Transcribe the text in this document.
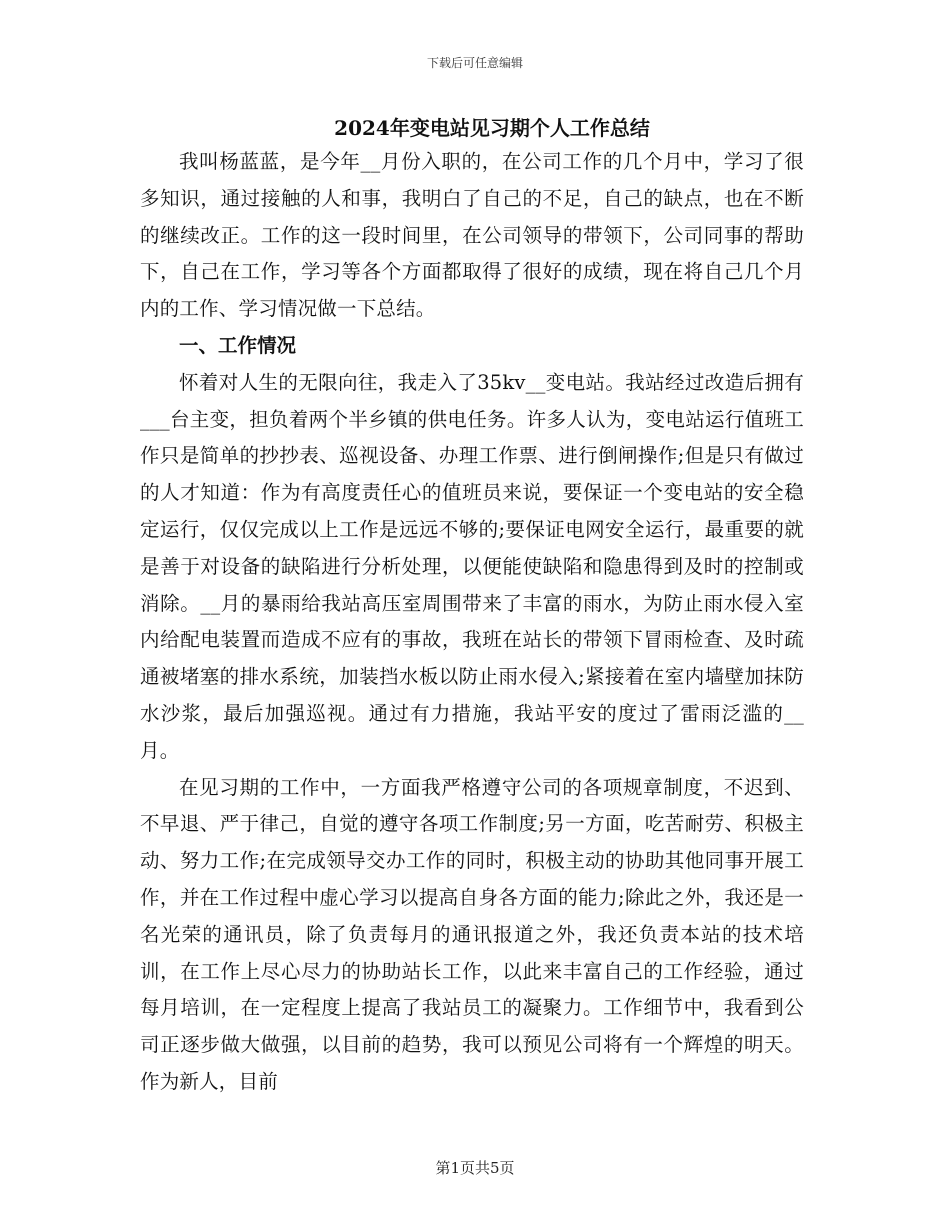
下载后可任意编辑
2024年变电站见习期个人工作总结

我叫杨蓝蓝，是今年__月份入职的，在公司工作的几个月中，学习了很多知识，通过接触的人和事，我明白了自己的不足，自己的缺点，也在不断的继续改正。工作的这一段时间里，在公司领导的带领下，公司同事的帮助下，自己在工作，学习等各个方面都取得了很好的成绩，现在将自己几个月内的工作、学习情况做一下总结。

一、工作情况

怀着对人生的无限向往，我走入了35kv__变电站。我站经过改造后拥有___台主变，担负着两个半乡镇的供电任务。许多人认为，变电站运行值班工作只是简单的抄抄表、巡视设备、办理工作票、进行倒闸操作;但是只有做过的人才知道：作为有高度责任心的值班员来说，要保证一个变电站的安全稳定运行，仅仅完成以上工作是远远不够的;要保证电网安全运行，最重要的就是善于对设备的缺陷进行分析处理，以便能使缺陷和隐患得到及时的控制或消除。__月的暴雨给我站高压室周围带来了丰富的雨水，为防止雨水侵入室内给配电装置而造成不应有的事故，我班在站长的带领下冒雨检查、及时疏通被堵塞的排水系统，加装挡水板以防止雨水侵入;紧接着在室内墙壁加抹防水沙浆，最后加强巡视。通过有力措施，我站平安的度过了雷雨泛滥的__月。

在见习期的工作中，一方面我严格遵守公司的各项规章制度，不迟到、不早退、严于律己，自觉的遵守各项工作制度;另一方面，吃苦耐劳、积极主动、努力工作;在完成领导交办工作的同时，积极主动的协助其他同事开展工作，并在工作过程中虚心学习以提高自身各方面的能力;除此之外，我还是一名光荣的通讯员，除了负责每月的通讯报道之外，我还负责本站的技术培训，在工作上尽心尽力的协助站长工作，以此来丰富自己的工作经验，通过每月培训，在一定程度上提高了我站员工的凝聚力。工作细节中，我看到公司正逐步做大做强，以目前的趋势，我可以预见公司将有一个辉煌的明天。作为新人，目前

第1页共5页
